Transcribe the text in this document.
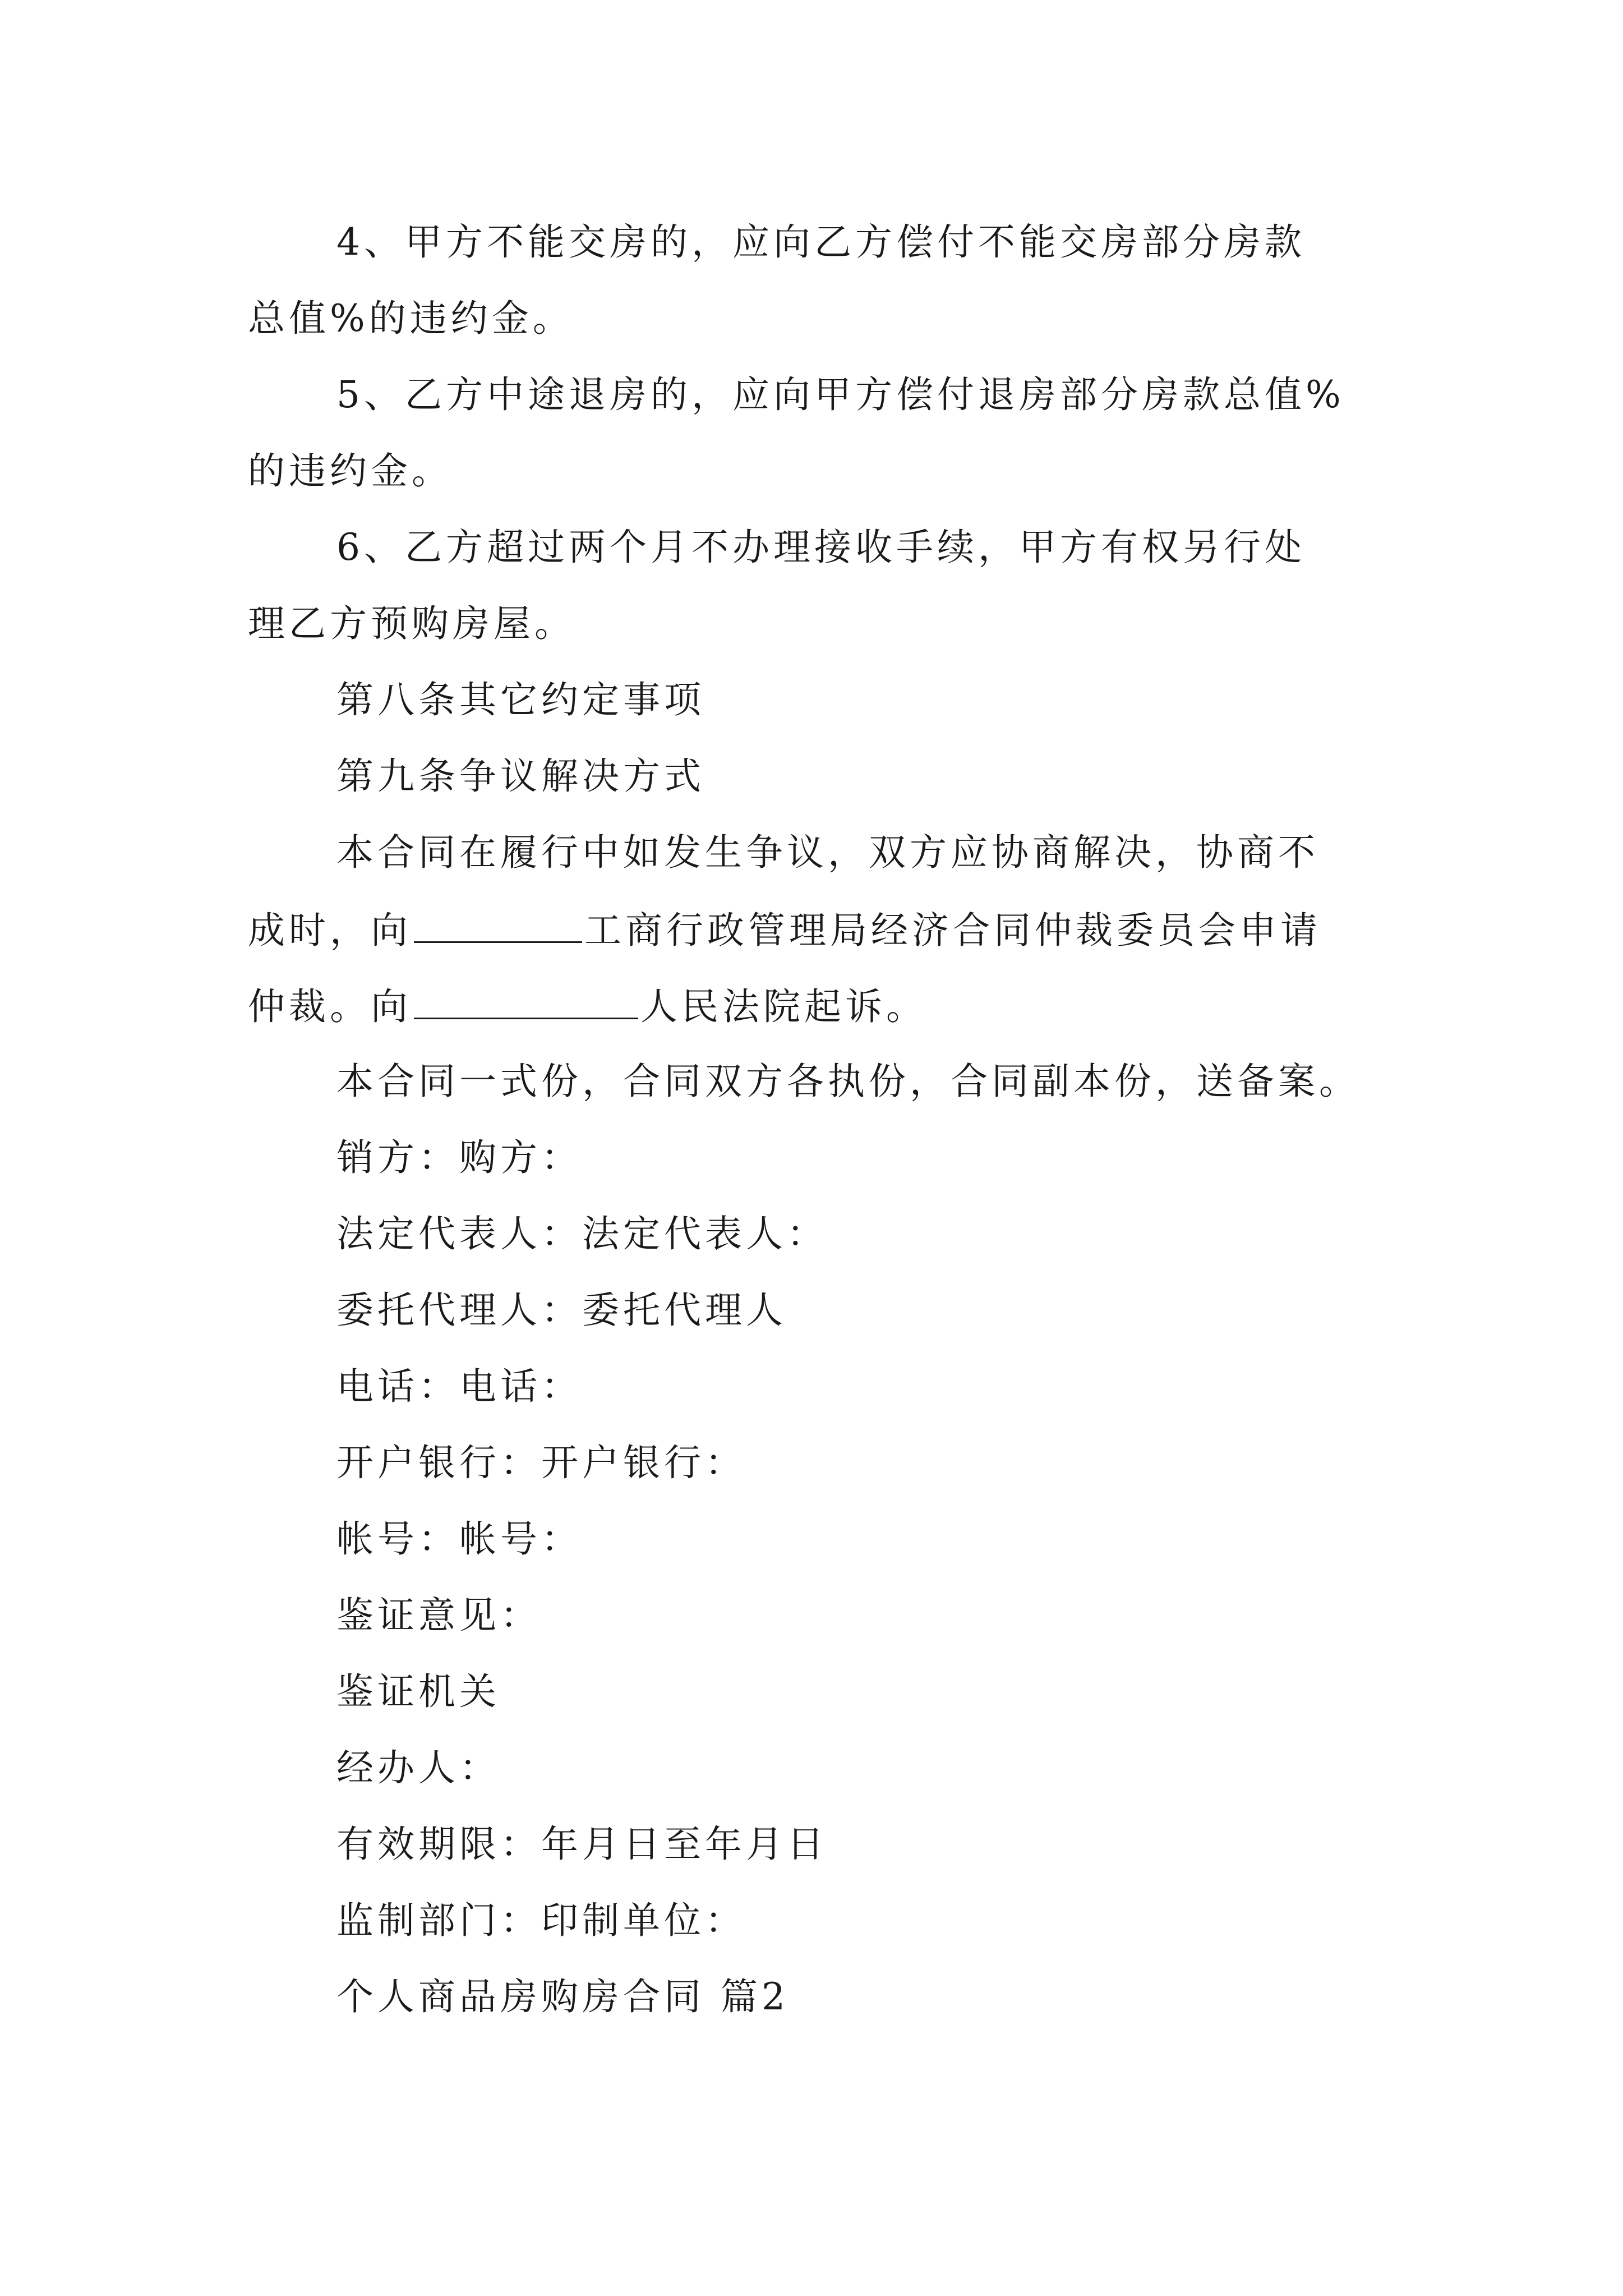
4、甲方不能交房的，应向乙方偿付不能交房部分房款
总值%的违约金。
5、乙方中途退房的，应向甲方偿付退房部分房款总值%
的违约金。
6、乙方超过两个月不办理接收手续，甲方有权另行处
理乙方预购房屋。
第八条其它约定事项
第九条争议解决方式
本合同在履行中如发生争议，双方应协商解决，协商不
成时，向	工商行政管理局经济合同仲裁委员会申请
仲裁。向	人民法院起诉。
本合同一式份，合同双方各执份，合同副本份，送备案。
销方：购方：
法定代表人：法定代表人：
委托代理人：委托代理人
电话：电话：
开户银行：开户银行：
帐号：帐号：
鉴证意见：
鉴证机关
经办人：
有效期限：年月日至年月日
监制部门：印制单位：
个人商品房购房合同 篇2
